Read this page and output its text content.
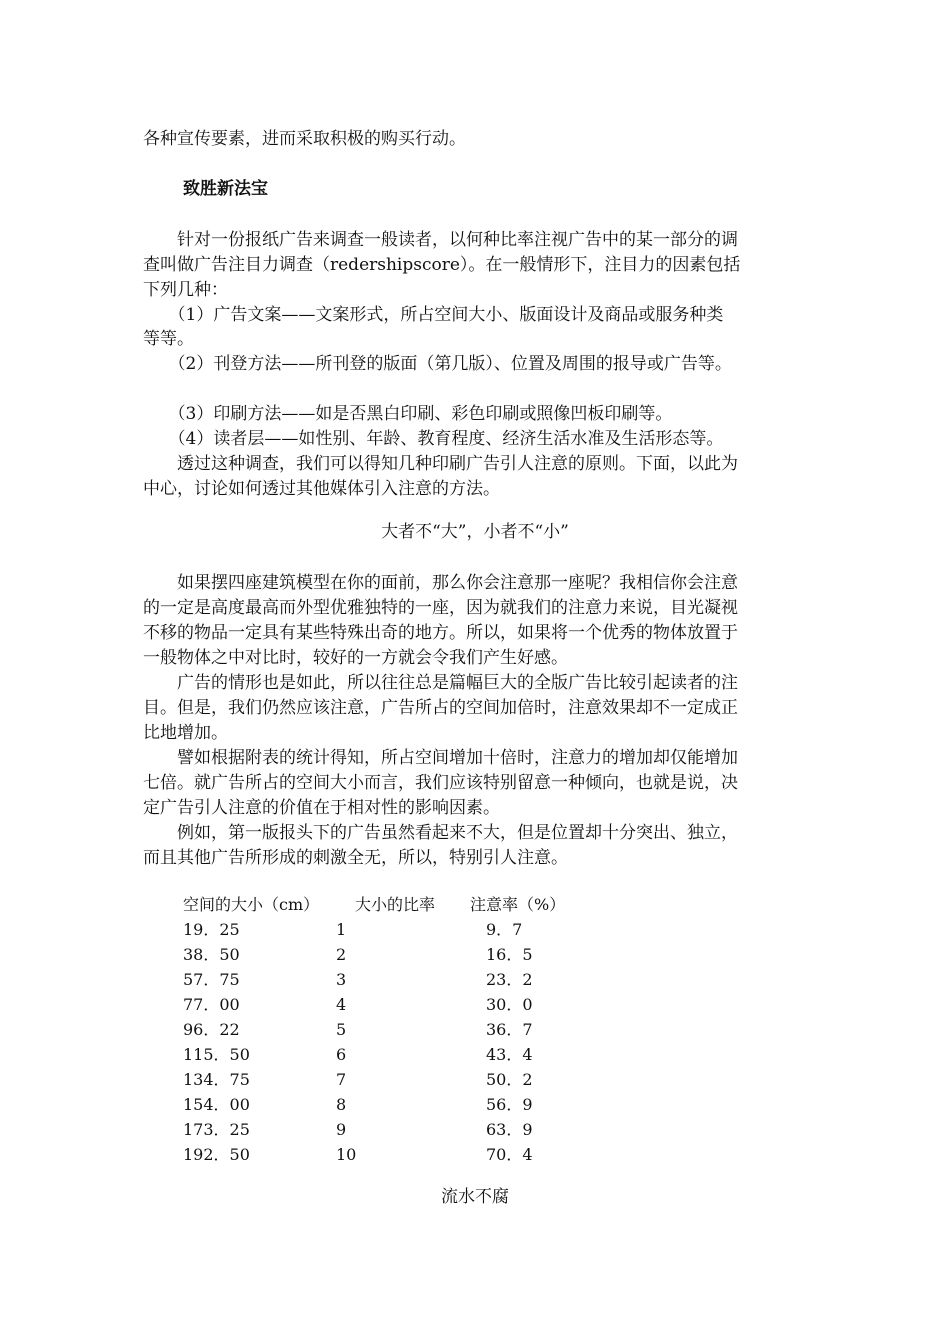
各种宣传要素，进而采取积极的购买行动。
致胜新法宝
　　针对一份报纸广告来调查一般读者，以何种比率注视广告中的某一部分的调
查叫做广告注目力调查（redershipscore）。在一般情形下，注目力的因素包括
下列几种：
　　（1）广告文案——文案形式，所占空间大小、版面设计及商品或服务种类
等等。
　　（2）刊登方法——所刊登的版面（第几版）、位置及周围的报导或广告等。
　　（3）印刷方法——如是否黑白印刷、彩色印刷或照像凹板印刷等。
　　（4）读者层——如性别、年龄、教育程度、经济生活水准及生活形态等。
　　透过这种调查，我们可以得知几种印刷广告引人注意的原则。下面，以此为
中心，讨论如何透过其他媒体引入注意的方法。
大者不“大”，小者不“小”
　　如果摆四座建筑模型在你的面前，那么你会注意那一座呢？我相信你会注意
的一定是高度最高而外型优雅独特的一座，因为就我们的注意力来说，目光凝视
不移的物品一定具有某些特殊出奇的地方。所以，如果将一个优秀的物体放置于
一般物体之中对比时，较好的一方就会令我们产生好感。
　　广告的情形也是如此，所以往往总是篇幅巨大的全版广告比较引起读者的注
目。但是，我们仍然应该注意，广告所占的空间加倍时，注意效果却不一定成正
比地增加。
　　譬如根据附表的统计得知，所占空间增加十倍时，注意力的增加却仅能增加
七倍。就广告所占的空间大小而言，我们应该特别留意一种倾向，也就是说，决
定广告引人注意的价值在于相对性的影响因素。
　　例如，第一版报头下的广告虽然看起来不大，但是位置却十分突出、独立，
而且其他广告所形成的刺激全无，所以，特别引人注意。
空间的大小（cm） 大小的比率 注意率（%）
19．25	1	9．7
38．50	2	16．5
57．75	3	23．2
77．00	4	30．0
96．22	5	36．7
115．50	6	43．4
134．75	7	50．2
154．00	8	56．9
173．25	9	63．9
192．50	10	70．4
流水不腐
